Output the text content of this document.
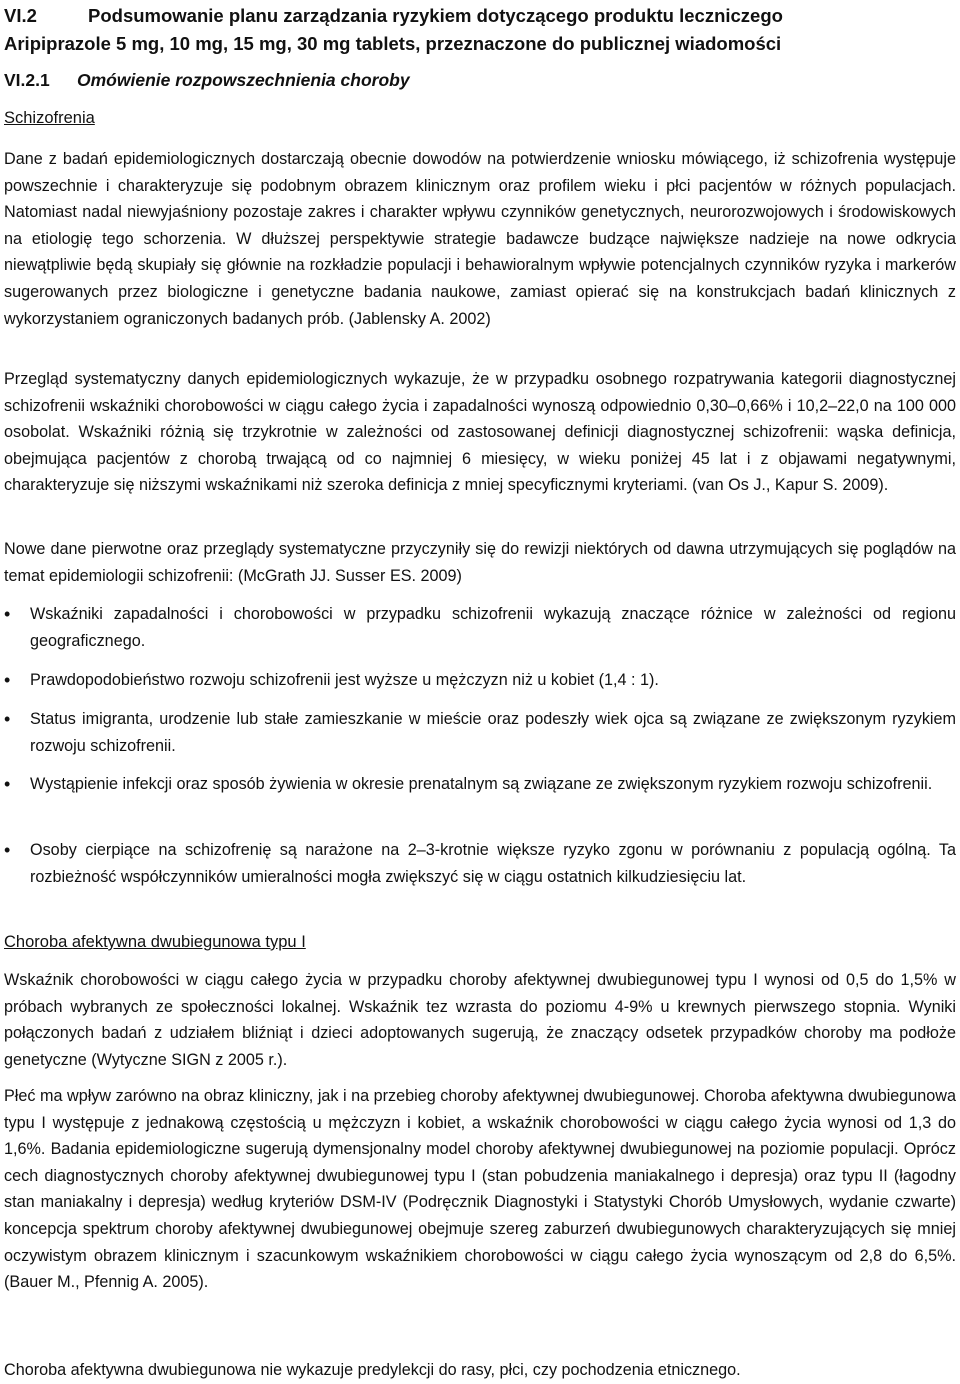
VI.2	Podsumowanie planu zarządzania ryzykiem dotyczącego produktu leczniczego
Aripiprazole 5 mg, 10 mg, 15 mg, 30 mg tablets, przeznaczone do publicznej wiadomości
VI.2.1 Omówienie rozpowszechnienia choroby

Schizofrenia

Dane z badań epidemiologicznych dostarczają obecnie dowodów na potwierdzenie wniosku mówiącego, iż schizofrenia występuje powszechnie i charakteryzuje się podobnym obrazem klinicznym oraz profilem wieku i płci pacjentów w różnych populacjach. Natomiast nadal niewyjaśniony pozostaje zakres i charakter wpływu czynników genetycznych, neurorozwojowych i środowiskowych na etiologię tego schorzenia. W dłuższej perspektywie strategie badawcze budzące największe nadzieje na nowe odkrycia niewątpliwie będą skupiały się głównie na rozkładzie populacji i behawioralnym wpływie potencjalnych czynników ryzyka i markerów sugerowanych przez biologiczne i genetyczne badania naukowe, zamiast opierać się na konstrukcjach badań klinicznych z wykorzystaniem ograniczonych badanych prób. (Jablensky A. 2002)

Przegląd systematyczny danych epidemiologicznych wykazuje, że w przypadku osobnego rozpatrywania kategorii diagnostycznej schizofrenii wskaźniki chorobowości w ciągu całego życia i zapadalności wynoszą odpowiednio 0,30–0,66% i 10,2–22,0 na 100 000 osobolat. Wskaźniki różnią się trzykrotnie w zależności od zastosowanej definicji diagnostycznej schizofrenii: wąska definicja, obejmująca pacjentów z chorobą trwającą od co najmniej 6 miesięcy, w wieku poniżej 45 lat i z objawami negatywnymi, charakteryzuje się niższymi wskaźnikami niż szeroka definicja z mniej specyficznymi kryteriami. (van Os J., Kapur S. 2009).

Nowe dane pierwotne oraz przeglądy systematyczne przyczyniły się do rewizji niektórych od dawna utrzymujących się poglądów na temat epidemiologii schizofrenii: (McGrath JJ. Susser ES. 2009)

•	Wskaźniki zapadalności i chorobowości w przypadku schizofrenii wykazują znaczące różnice w zależności od regionu geograficznego.
•	Prawdopodobieństwo rozwoju schizofrenii jest wyższe u mężczyzn niż u kobiet (1,4 : 1).
•	Status imigranta, urodzenie lub stałe zamieszkanie w mieście oraz podeszły wiek ojca są związane ze zwiększonym ryzykiem rozwoju schizofrenii.
•	Wystąpienie infekcji oraz sposób żywienia w okresie prenatalnym są związane ze zwiększonym ryzykiem rozwoju schizofrenii.
•	Osoby cierpiące na schizofrenię są narażone na 2–3-krotnie większe ryzyko zgonu w porównaniu z populacją ogólną. Ta rozbieżność współczynników umieralności mogła zwiększyć się w ciągu ostatnich kilkudziesięciu lat.

Choroba afektywna dwubiegunowa typu I

Wskaźnik chorobowości w ciągu całego życia w przypadku choroby afektywnej dwubiegunowej typu I wynosi od 0,5 do 1,5% w próbach wybranych ze społeczności lokalnej. Wskaźnik tez wzrasta do poziomu 4-9% u krewnych pierwszego stopnia. Wyniki połączonych badań z udziałem bliźniąt i dzieci adoptowanych sugerują, że znaczący odsetek przypadków choroby ma podłoże genetyczne (Wytyczne SIGN z 2005 r.).

Płeć ma wpływ zarówno na obraz kliniczny, jak i na przebieg choroby afektywnej dwubiegunowej. Choroba afektywna dwubiegunowa typu I występuje z jednakową częstością u mężczyzn i kobiet, a wskaźnik chorobowości w ciągu całego życia wynosi od 1,3 do 1,6%. Badania epidemiologiczne sugerują dymensjonalny model choroby afektywnej dwubiegunowej na poziomie populacji. Oprócz cech diagnostycznych choroby afektywnej dwubiegunowej typu I (stan pobudzenia maniakalnego i depresja) oraz typu II (łagodny stan maniakalny i depresja) według kryteriów DSM-IV (Podręcznik Diagnostyki i Statystyki Chorób Umysłowych, wydanie czwarte) koncepcja spektrum choroby afektywnej dwubiegunowej obejmuje szereg zaburzeń dwubiegunowych charakteryzujących się mniej oczywistym obrazem klinicznym i szacunkowym wskaźnikiem chorobowości w ciągu całego życia wynoszącym od 2,8 do 6,5%. (Bauer M., Pfennig A. 2005).

Choroba afektywna dwubiegunowa nie wykazuje predylekcji do rasy, płci, czy pochodzenia etnicznego.
